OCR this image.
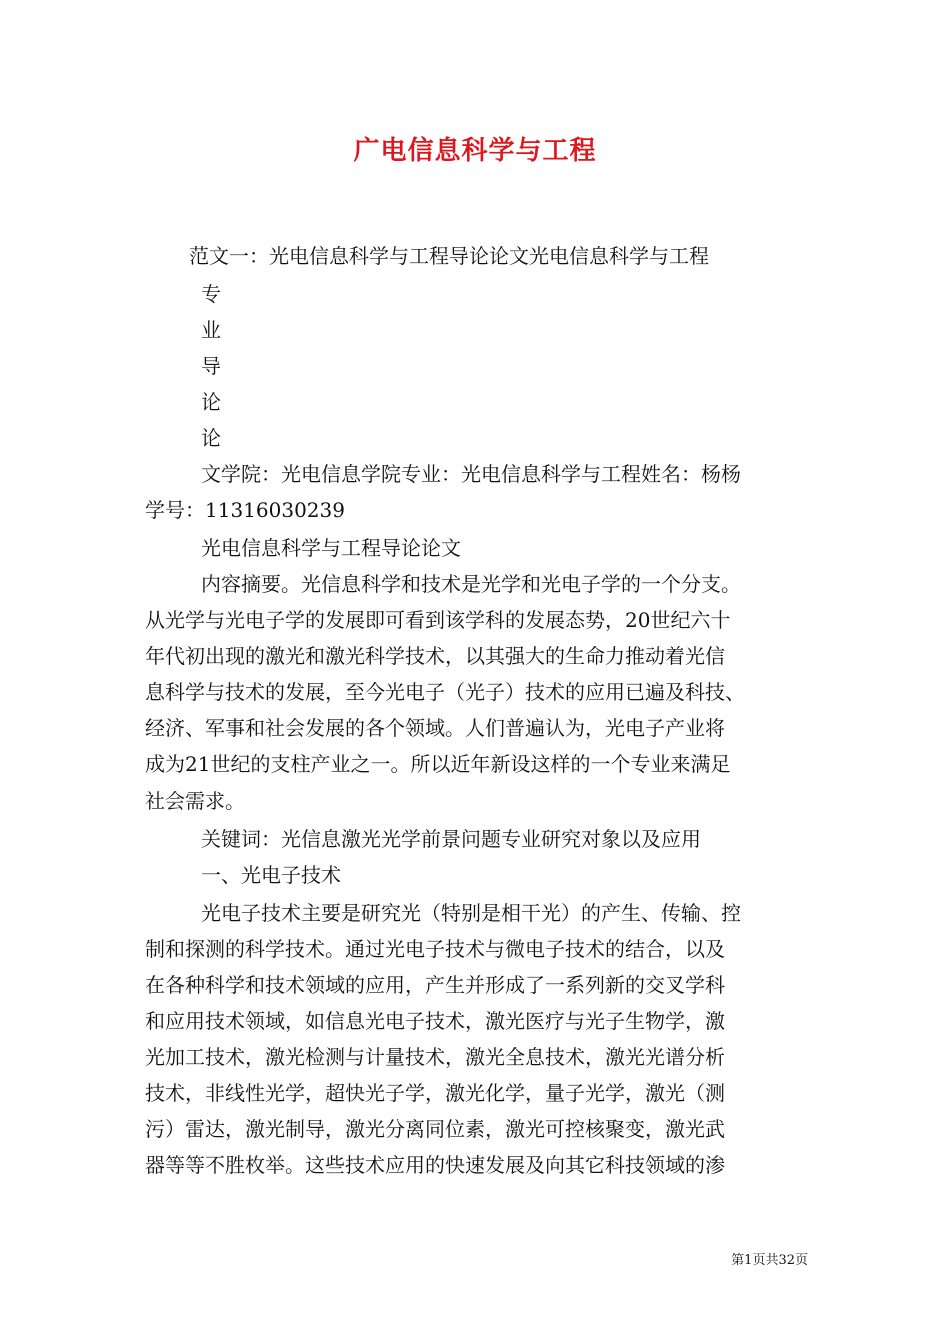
广电信息科学与工程
范文一：光电信息科学与工程导论论文光电信息科学与工程
专
业
导
论
论
文学院：光电信息学院专业：光电信息科学与工程姓名：杨杨
学号：11316030239
光电信息科学与工程导论论文
内容摘要。光信息科学和技术是光学和光电子学的一个分支。
从光学与光电子学的发展即可看到该学科的发展态势，20世纪六十
年代初出现的激光和激光科学技术，以其强大的生命力推动着光信
息科学与技术的发展，至今光电子（光子）技术的应用已遍及科技、
经济、军事和社会发展的各个领域。人们普遍认为，光电子产业将
成为21世纪的支柱产业之一。所以近年新设这样的一个专业来满足
社会需求。
关键词：光信息激光光学前景问题专业研究对象以及应用
一、光电子技术
光电子技术主要是研究光（特别是相干光）的产生、传输、控
制和探测的科学技术。通过光电子技术与微电子技术的结合，以及
在各种科学和技术领域的应用，产生并形成了一系列新的交叉学科
和应用技术领域，如信息光电子技术，激光医疗与光子生物学，激
光加工技术，激光检测与计量技术，激光全息技术，激光光谱分析
技术，非线性光学，超快光子学，激光化学，量子光学，激光（测
污）雷达，激光制导，激光分离同位素，激光可控核聚变，激光武
器等等不胜枚举。这些技术应用的快速发展及向其它科技领域的渗
第1页共32页
